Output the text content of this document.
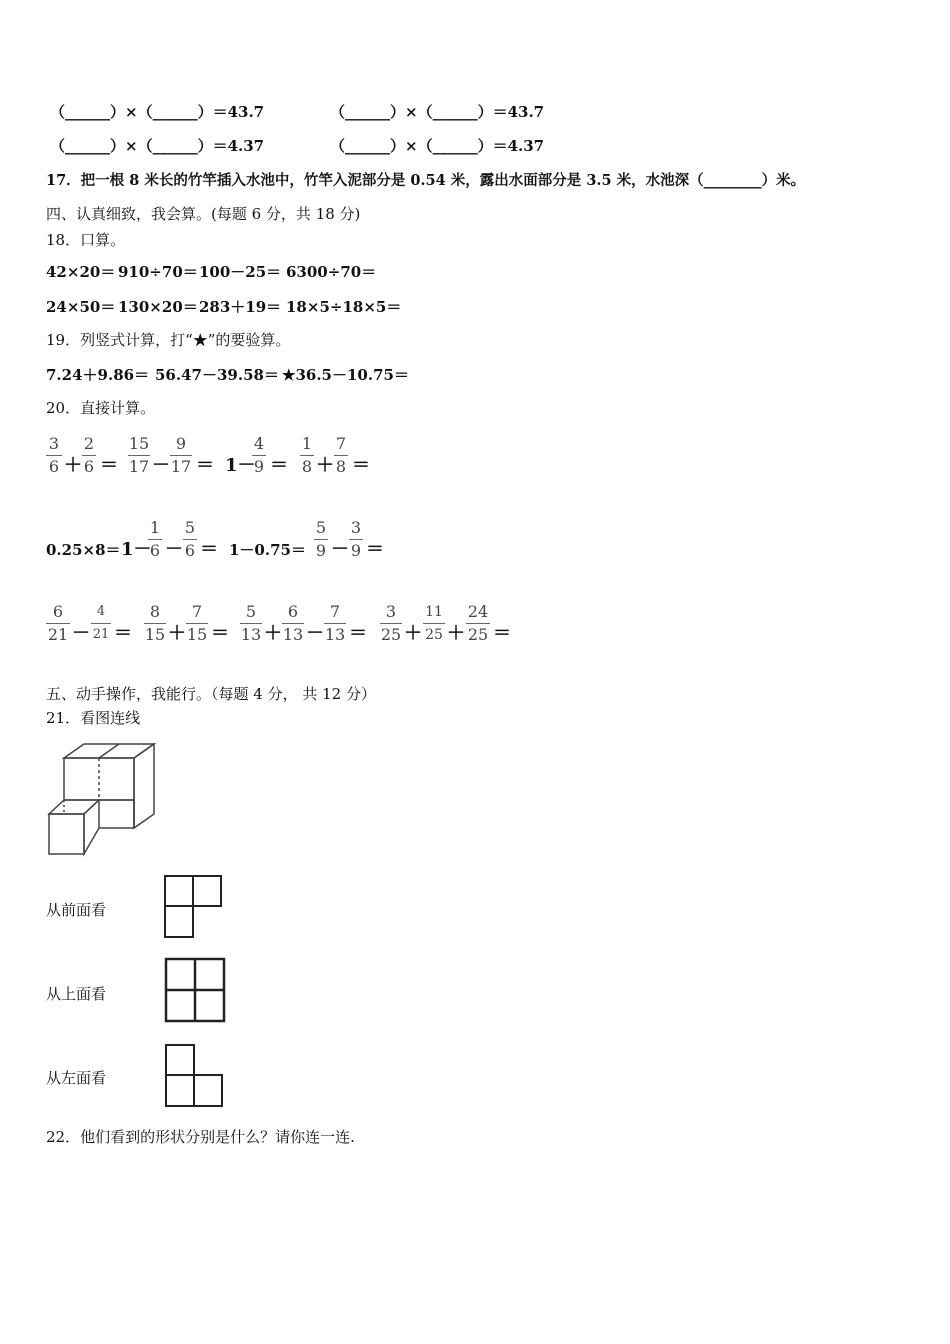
（______）×（______）＝43.7	（______）×（______）＝43.7
（______）×（______）＝4.37	（______）×（______）＝4.37
17．把一根 8 米长的竹竿插入水池中，竹竿入泥部分是 0.54 米，露出水面部分是 3.5 米，水池深（________）米。
四、认真细致，我会算。(每题 6 分，共 18 分)
18．口算。
42×20＝ 910÷70＝ 100－25＝ 6300÷70＝
24×50＝ 130×20＝ 283＋19＝ 18×5÷18×5＝
19．列竖式计算，打“★”的要验算。
7.24＋9.86＝ 56.47－39.58＝ ★36.5－10.75＝
20．直接计算。
3
6 ＋
2
6 ＝
15
17 －
9
17 ＝ 1－
4
9 ＝
1
8 ＋
7
8 ＝
0.25×8＝ 1－
1
6 －
5
6 ＝ 1－0.75＝
5
9 －
3
9 ＝
6
21 －
4
21 ＝
8
15 ＋
7
15 ＝
5
13 ＋
6
13 －
7
13 ＝
3
25 ＋
11
25 ＋
24
25 ＝
五、动手操作，我能行。（每题 4 分， 共 12 分）
21．看图连线
从前面看
从上面看
从左面看
22．他们看到的形状分别是什么？请你连一连.
